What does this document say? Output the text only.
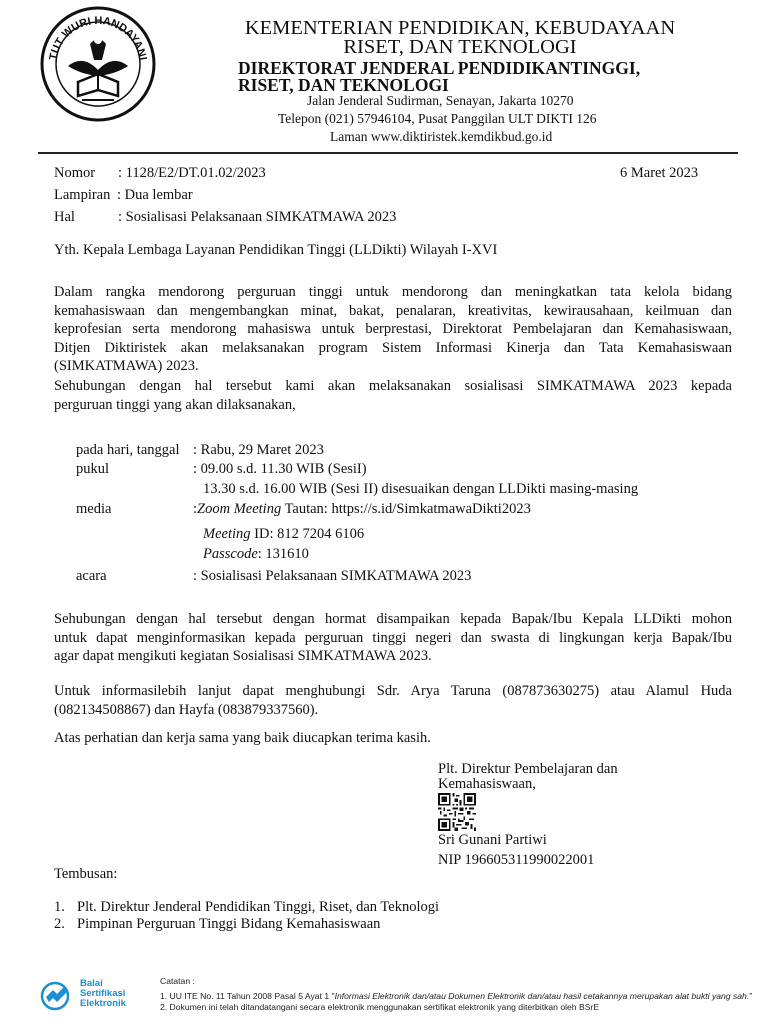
TUT WURI HANDAYANI
KEMENTERIAN PENDIDIKAN, KEBUDAYAAN
RISET, DAN TEKNOLOGI
DIREKTORAT JENDERAL PENDIDIKANTINGGI,
RISET, DAN TEKNOLOGI
Jalan Jenderal Sudirman, Senayan, Jakarta 10270
Telepon (021) 57946104, Pusat Panggilan ULT DIKTI 126
Laman www.diktiristek.kemdikbud.go.id
Nomor : 1128/E2/DT.01.02/2023	6 Maret 2023
Lampiran : Dua lembar
Hal	: Sosialisasi Pelaksanaan SIMKATMAWA 2023
Yth. Kepala Lembaga Layanan Pendidikan Tinggi (LLDikti) Wilayah I-XVI
Dalam rangka mendorong perguruan tinggi untuk mendorong dan meningkatkan tata kelola bidang
kemahasiswaan dan mengembangkan minat, bakat, penalaran, kreativitas, kewirausahaan, keilmuan dan
keprofesian serta mendorong mahasiswa untuk berprestasi, Direktorat Pembelajaran dan Kemahasiswaan,
Ditjen Diktiristek akan melaksanakan program Sistem Informasi Kinerja dan Tata Kemahasiswaan
(SIMKATMAWA) 2023.
Sehubungan dengan hal tersebut kami akan melaksanakan sosialisasi SIMKATMAWA 2023 kepada
perguruan tinggi yang akan dilaksanakan,
pada hari, tanggal : Rabu, 29 Maret 2023
pukul	: 09.00 s.d. 11.30 WIB (SesiI)
13.30 s.d. 16.00 WIB (Sesi II) disesuaikan dengan LLDikti masing-masing
media	:Zoom Meeting Tautan: https://s.id/SimkatmawaDikti2023
Meeting ID: 812 7204 6106
Passcode: 131610
acara	: Sosialisasi Pelaksanaan SIMKATMAWA 2023
Sehubungan dengan hal tersebut dengan hormat disampaikan kepada Bapak/Ibu Kepala LLDikti mohon
untuk dapat menginformasikan kepada perguruan tinggi negeri dan swasta di lingkungan kerja Bapak/Ibu
agar dapat mengikuti kegiatan Sosialisasi SIMKATMAWA 2023.
Untuk informasilebih lanjut dapat menghubungi Sdr. Arya Taruna (087873630275) atau Alamul Huda
(082134508867) dan Hayfa (083879337560).
Atas perhatian dan kerja sama yang baik diucapkan terima kasih.
Plt. Direktur Pembelajaran dan
Kemahasiswaan,
Sri Gunani Partiwi
NIP 196605311990022001
Tembusan:
1. Plt. Direktur Jenderal Pendidikan Tinggi, Riset, dan Teknologi
2. Pimpinan Perguruan Tinggi Bidang Kemahasiswaan
Balai
Sertifikasi
Elektronik
Catatan :
1. UU ITE No. 11 Tahun 2008 Pasal 5 Ayat 1 "Informasi Elektronik dan/atau Dokumen Elektronik dan/atau hasil cetakannya merupakan alat bukti yang sah."
2. Dokumen ini telah ditandatangani secara elektronik menggunakan sertifikat elektronik yang diterbitkan oleh BSrE
